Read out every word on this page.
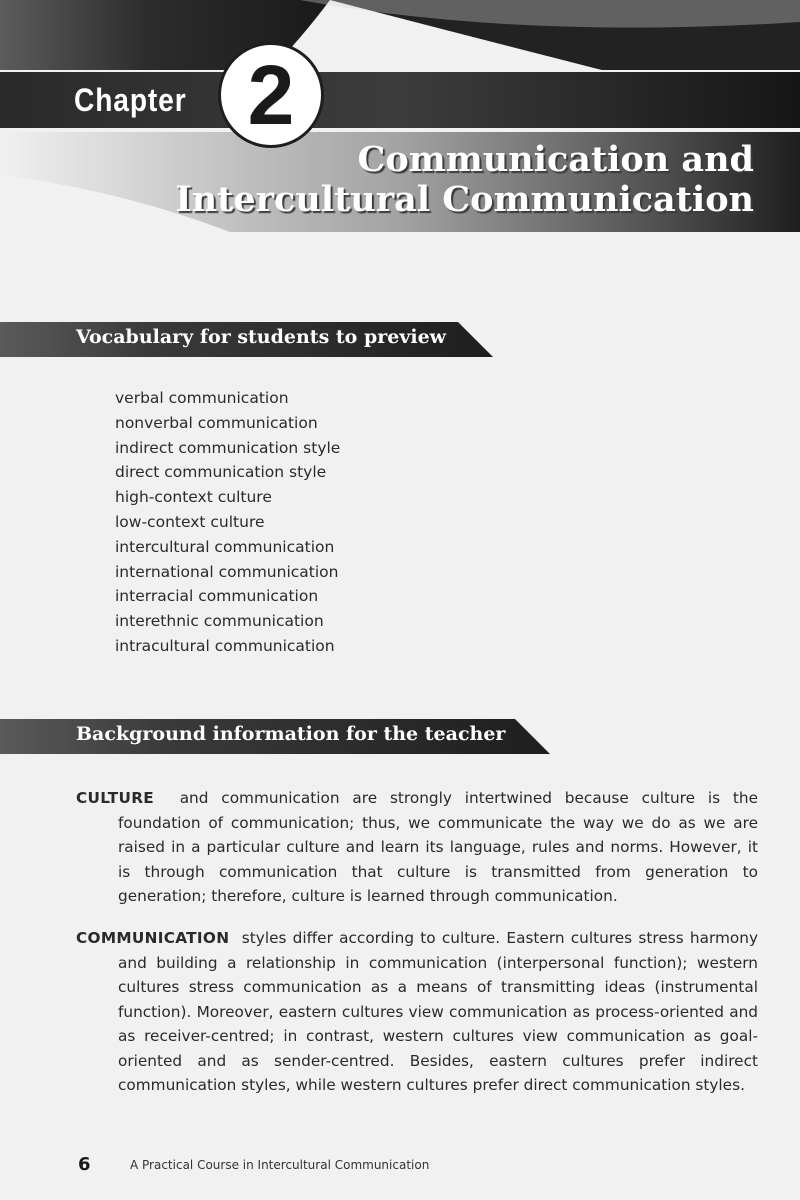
Chapter 2
Communication and
Intercultural Communication
Vocabulary for students to preview
verbal communication
nonverbal communication
indirect communication style
direct communication style
high-context culture
low-context culture
intercultural communication
international communication
interracial communication
interethnic communication
intracultural communication
Background information for the teacher

CULTURE and communication are strongly intertwined because culture is the foundation of communication; thus, we communicate the way we do as we are raised in a particular culture and learn its language, rules and norms. However, it is through communication that culture is transmitted from generation to generation; therefore, culture is learned through communication.

COMMUNICATION styles differ according to culture. Eastern cultures stress harmony and building a relationship in communication (interpersonal function); western cultures stress communication as a means of transmitting ideas (instrumental function). Moreover, eastern cultures view communication as process-oriented and as receiver-centred; in contrast, western cultures view communication as goal-oriented and as sender-centred. Besides, eastern cultures prefer indirect communication styles, while western cultures prefer direct communication styles.

6	A Practical Course in Intercultural Communication
